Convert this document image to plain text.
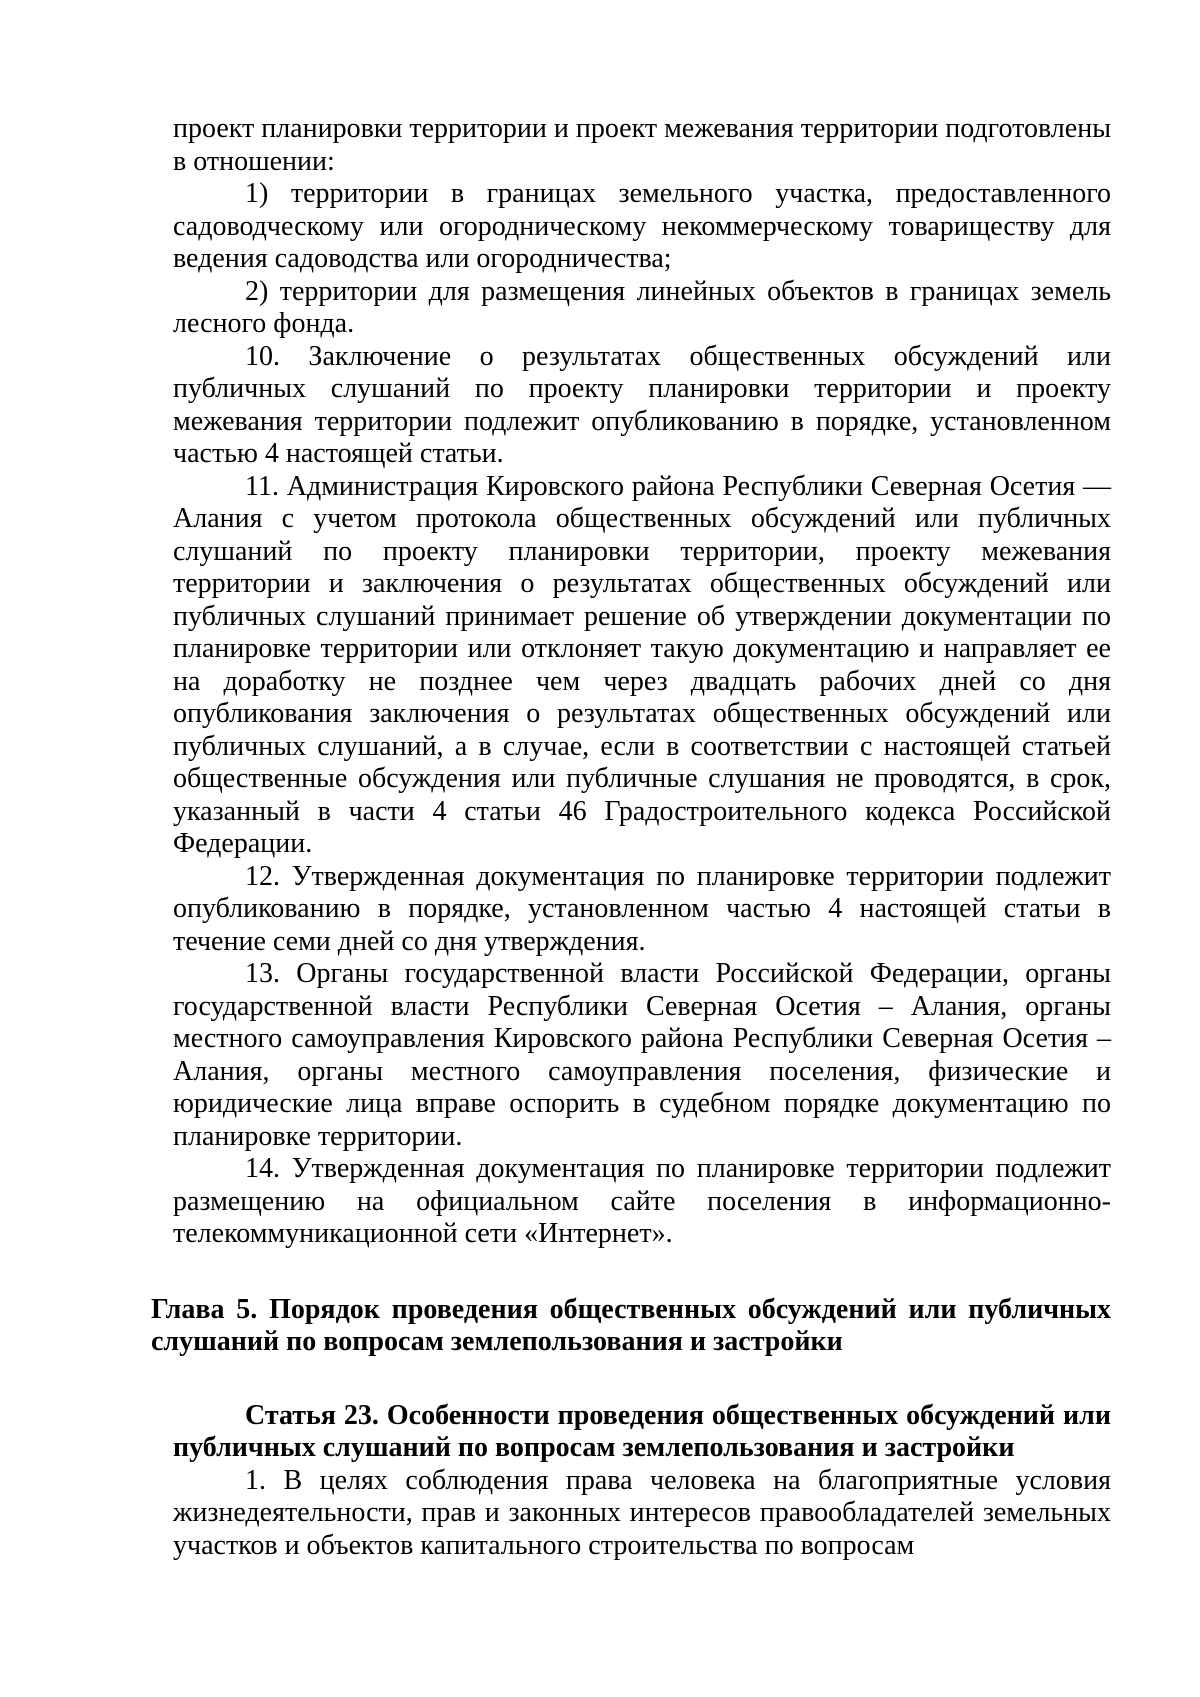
проект планировки территории и проект межевания территории подготовлены в отношении:

1) территории в границах земельного участка, предоставленного садоводческому или огородническому некоммерческому товариществу для ведения садоводства или огородничества;

2) территории для размещения линейных объектов в границах земель лесного фонда.

10. Заключение о результатах общественных обсуждений или публичных слушаний по проекту планировки территории и проекту межевания территории подлежит опубликованию в порядке, установленном частью 4 настоящей статьи.

11. Администрация Кировского района Республики Северная Осетия — Алания с учетом протокола общественных обсуждений или публичных слушаний по проекту планировки территории, проекту межевания территории и заключения о результатах общественных обсуждений или публичных слушаний принимает решение об утверждении документации по планировке территории или отклоняет такую документацию и направляет ее на доработку не позднее чем через двадцать рабочих дней со дня опубликования заключения о результатах общественных обсуждений или публичных слушаний, а в случае, если в соответствии с настоящей статьей общественные обсуждения или публичные слушания не проводятся, в срок, указанный в части 4 статьи 46 Градостроительного кодекса Российской Федерации.

12. Утвержденная документация по планировке территории подлежит опубликованию в порядке, установленном частью 4 настоящей статьи в течение семи дней со дня утверждения.

13. Органы государственной власти Российской Федерации, органы государственной власти Республики Северная Осетия – Алания, органы местного самоуправления Кировского района Республики Северная Осетия – Алания, органы местного самоуправления поселения, физические и юридические лица вправе оспорить в судебном порядке документацию по планировке территории.

14. Утвержденная документация по планировке территории подлежит размещению на официальном сайте поселения в информационно-телекоммуникационной сети «Интернет».

Глава 5. Порядок проведения общественных обсуждений или публичных слушаний по вопросам землепользования и застройки

Статья 23. Особенности проведения общественных обсуждений или публичных слушаний по вопросам землепользования и застройки

1. В целях соблюдения права человека на благоприятные условия жизнедеятельности, прав и законных интересов правообладателей земельных участков и объектов капитального строительства по вопросам
